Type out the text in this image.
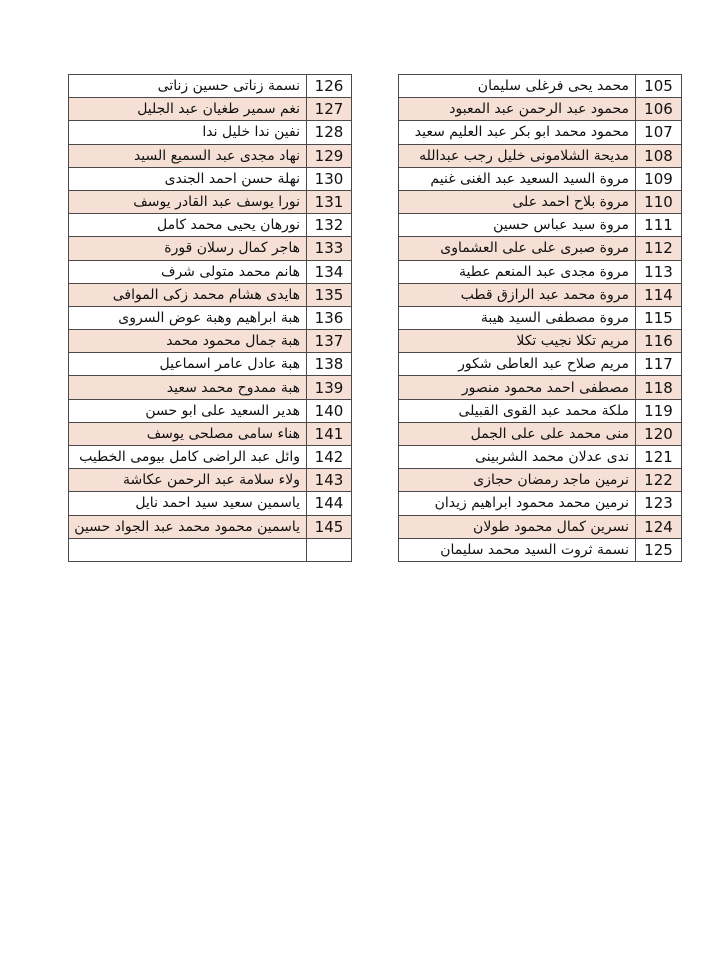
نسمة زناتى حسين زناتى	126		محمد يحى فرغلى سليمان	105
نغم سمير طغيان عبد الجليل	127		محمود عبد الرحمن عبد المعبود	106
نفين ندا خليل ندا	128		محمود محمد ابو بكر عبد العليم سعيد	107
نهاد مجدى عبد السميع السيد	129		مديحة الشلامونى خليل رجب عبدالله	108
نهلة حسن احمد الجندى	130		مروة السيد السعيد عبد الغنى غنيم	109
نورا يوسف عبد القادر يوسف	131		مروة بلاح احمد على	110
نورهان يحيى محمد كامل	132		مروة سيد عباس حسين	111
هاجر كمال رسلان قورة	133		مروة صبرى على على العشماوى	112
هانم محمد متولى شرف	134		مروة مجدى عبد المنعم عطية	113
هايدى هشام محمد زكى الموافى	135		مروة محمد عبد الرازق قطب	114
هبة ابراهيم وهبة عوض السروى	136		مروة مصطفى السيد هيبة	115
هبة جمال محمود محمد	137		مريم تكلا نجيب تكلا	116
هبة عادل عامر اسماعيل	138		مريم صلاح عبد العاطى شكور	117
هبة ممدوح محمد سعيد	139		مصطفى احمد محمود منصور	118
هدير السعيد على ابو حسن	140		ملكة محمد عبد القوى القبيلى	119
هناء سامى مصلحى يوسف	141		منى محمد على على الجمل	120
وائل عبد الراضى كامل بيومى الخطيب	142		ندى عدلان محمد الشربينى	121
ولاء سلامة عبد الرحمن عكاشة	143		نرمين ماجد رمضان حجازى	122
ياسمين سعيد سيد احمد نايل	144		نرمين محمد محمود ابراهيم زيدان	123
ياسمين محمود محمد عبد الجواد حسين	145		نسرين كمال محمود طولان	124
			نسمة ثروت السيد محمد سليمان	125
